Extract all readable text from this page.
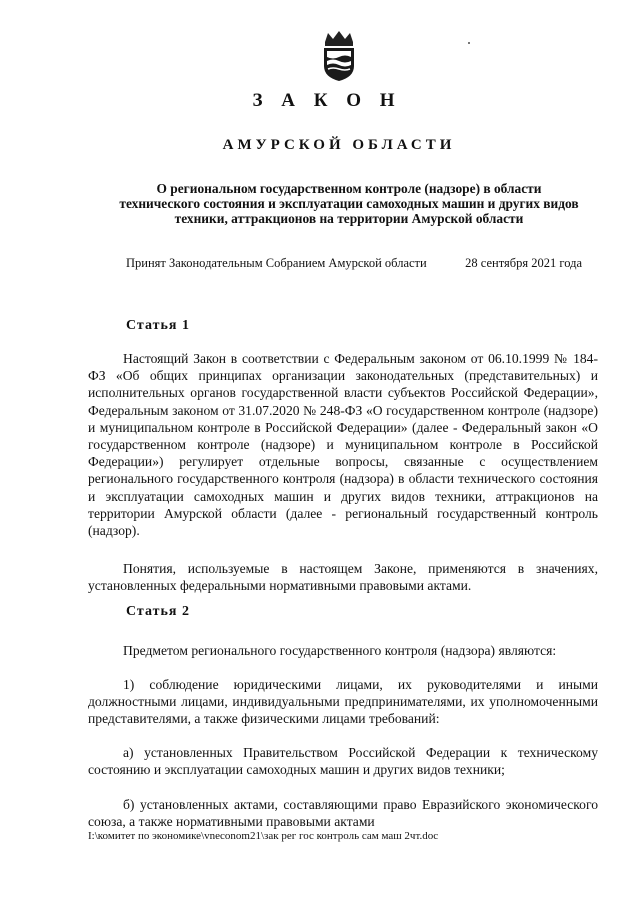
З А К О Н
АМУРСКОЙ ОБЛАСТИ
О региональном государственном контроле (надзоре) в области технического состояния и эксплуатации самоходных машин и других видов техники, аттракционов на территории Амурской области
Принят Законодательным Собранием Амурской области	28 сентября 2021 года
Статья 1
Настоящий Закон в соответствии с Федеральным законом от 06.10.1999 № 184-ФЗ «Об общих принципах организации законодательных (представительных) и исполнительных органов государственной власти субъектов Российской Федерации», Федеральным законом от 31.07.2020 № 248-ФЗ «О государственном контроле (надзоре) и муниципальном контроле в Российской Федерации» (далее - Федеральный закон «О государственном контроле (надзоре) и муниципальном контроле в Российской Федерации») регулирует отдельные вопросы, связанные с осуществлением регионального государственного контроля (надзора) в области технического состояния и эксплуатации самоходных машин и других видов техники, аттракционов на территории Амурской области (далее - региональный государственный контроль (надзор).
Понятия, используемые в настоящем Законе, применяются в значениях, установленных федеральными нормативными правовыми актами.
Статья 2
Предметом регионального государственного контроля (надзора) являются:
1) соблюдение юридическими лицами, их руководителями и иными должностными лицами, индивидуальными предпринимателями, их уполномоченными представителями, а также физическими лицами требований:
а) установленных Правительством Российской Федерации к техническому состоянию и эксплуатации самоходных машин и других видов техники;
б) установленных актами, составляющими право Евразийского экономического союза, а также нормативными правовыми актами
I:\комитет по экономике\vneconom21\зак рег гос контроль сам маш 2чт.doc
